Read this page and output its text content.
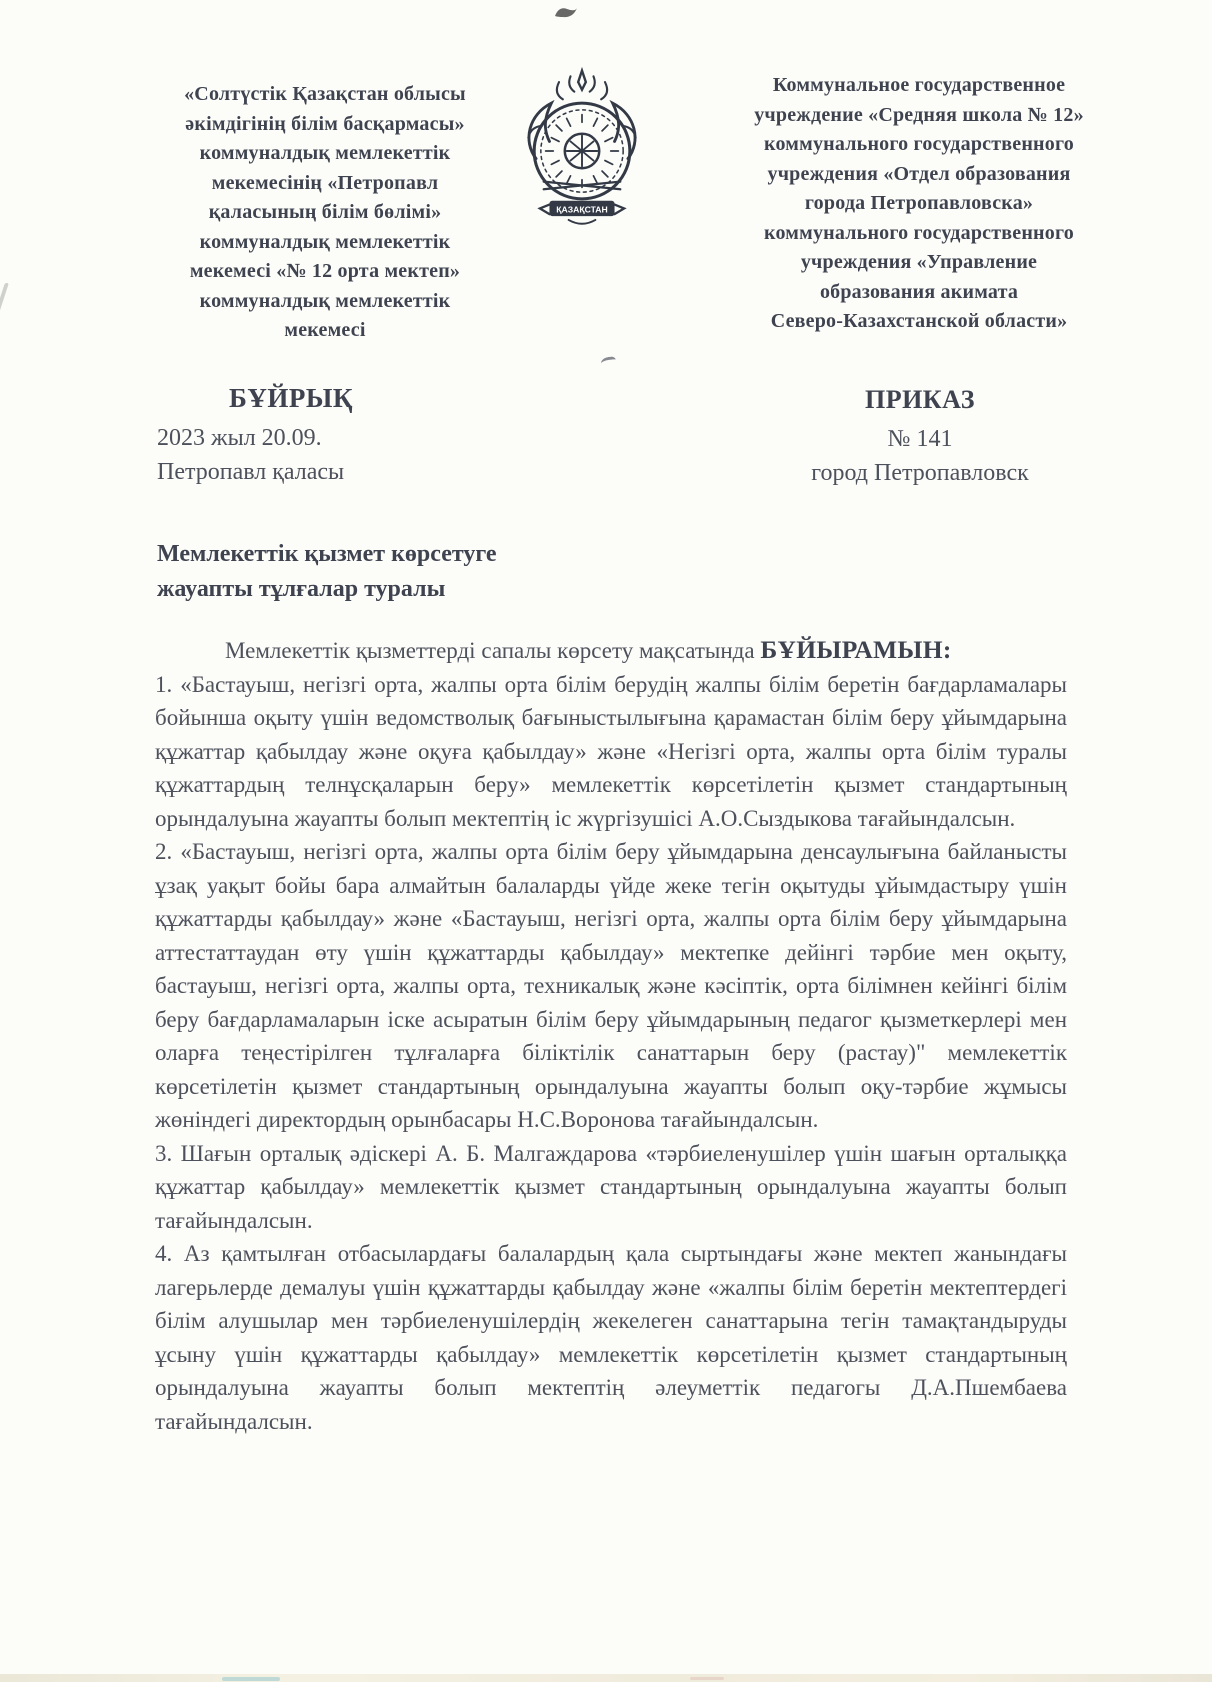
«Солтүстік Қазақстан облысы
әкімдігінің білім басқармасы»
коммуналдық мемлекеттік
мекемесінің «Петропавл
қаласының білім бөлімі»
коммуналдық мемлекеттік
мекемесі «№ 12 орта мектеп»
коммуналдық мемлекеттік
мекемесі
ҚАЗАҚСТАН
Коммунальное государственное
учреждение «Средняя школа № 12»
коммунального государственного
учреждения «Отдел образования
города Петропавловска»
коммунального государственного
учреждения «Управление
образования акимата
Северо-Казахстанской области»
БҰЙРЫҚ
2023 жыл 20.09.
Петропавл қаласы
ПРИКАЗ
№ 141
город Петропавловск
Мемлекеттік қызмет көрсетуге
жауапты тұлғалар туралы

Мемлекеттік қызметтерді сапалы көрсету мақсатында БҰЙЫРАМЫН:

1. «Бастауыш, негізгі орта, жалпы орта білім берудің жалпы білім беретін бағдарламалары бойынша оқыту үшін ведомстволық бағыныстылығына қарамастан білім беру ұйымдарына құжаттар қабылдау және оқуға қабылдау» және «Негізгі орта, жалпы орта білім туралы құжаттардың телнұсқаларын беру» мемлекеттік көрсетілетін қызмет стандартының орындалуына жауапты болып мектептің іс жүргізушісі А.О.Сыздыкова тағайындалсын.

2. «Бастауыш, негізгі орта, жалпы орта білім беру ұйымдарына денсаулығына байланысты ұзақ уақыт бойы бара алмайтын балаларды үйде жеке тегін оқытуды ұйымдастыру үшін құжаттарды қабылдау» және «Бастауыш, негізгі орта, жалпы орта білім беру ұйымдарына аттестаттаудан өту үшін құжаттарды қабылдау» мектепке дейінгі тәрбие мен оқыту, бастауыш, негізгі орта, жалпы орта, техникалық және кәсіптік, орта білімнен кейінгі білім беру бағдарламаларын іске асыратын білім беру ұйымдарының педагог қызметкерлері мен оларға теңестірілген тұлғаларға біліктілік санаттарын беру (растау)" мемлекеттік көрсетілетін қызмет стандартының орындалуына жауапты болып оқу-тәрбие жұмысы жөніндегі директордың орынбасары Н.С.Воронова тағайындалсын.

3. Шағын орталық әдіскері А. Б. Малгаждарова «тәрбиеленушілер үшін шағын орталыққа құжаттар қабылдау» мемлекеттік қызмет стандартының орындалуына жауапты болып тағайындалсын.

4. Аз қамтылған отбасылардағы балалардың қала сыртындағы және мектеп жанындағы лагерьлерде демалуы үшін құжаттарды қабылдау және «жалпы білім беретін мектептердегі білім алушылар мен тәрбиеленушілердің жекелеген санаттарына тегін тамақтандыруды ұсыну үшін құжаттарды қабылдау» мемлекеттік көрсетілетін қызмет стандартының орындалуына жауапты болып мектептің әлеуметтік педагогы Д.А.Пшембаева тағайындалсын.
